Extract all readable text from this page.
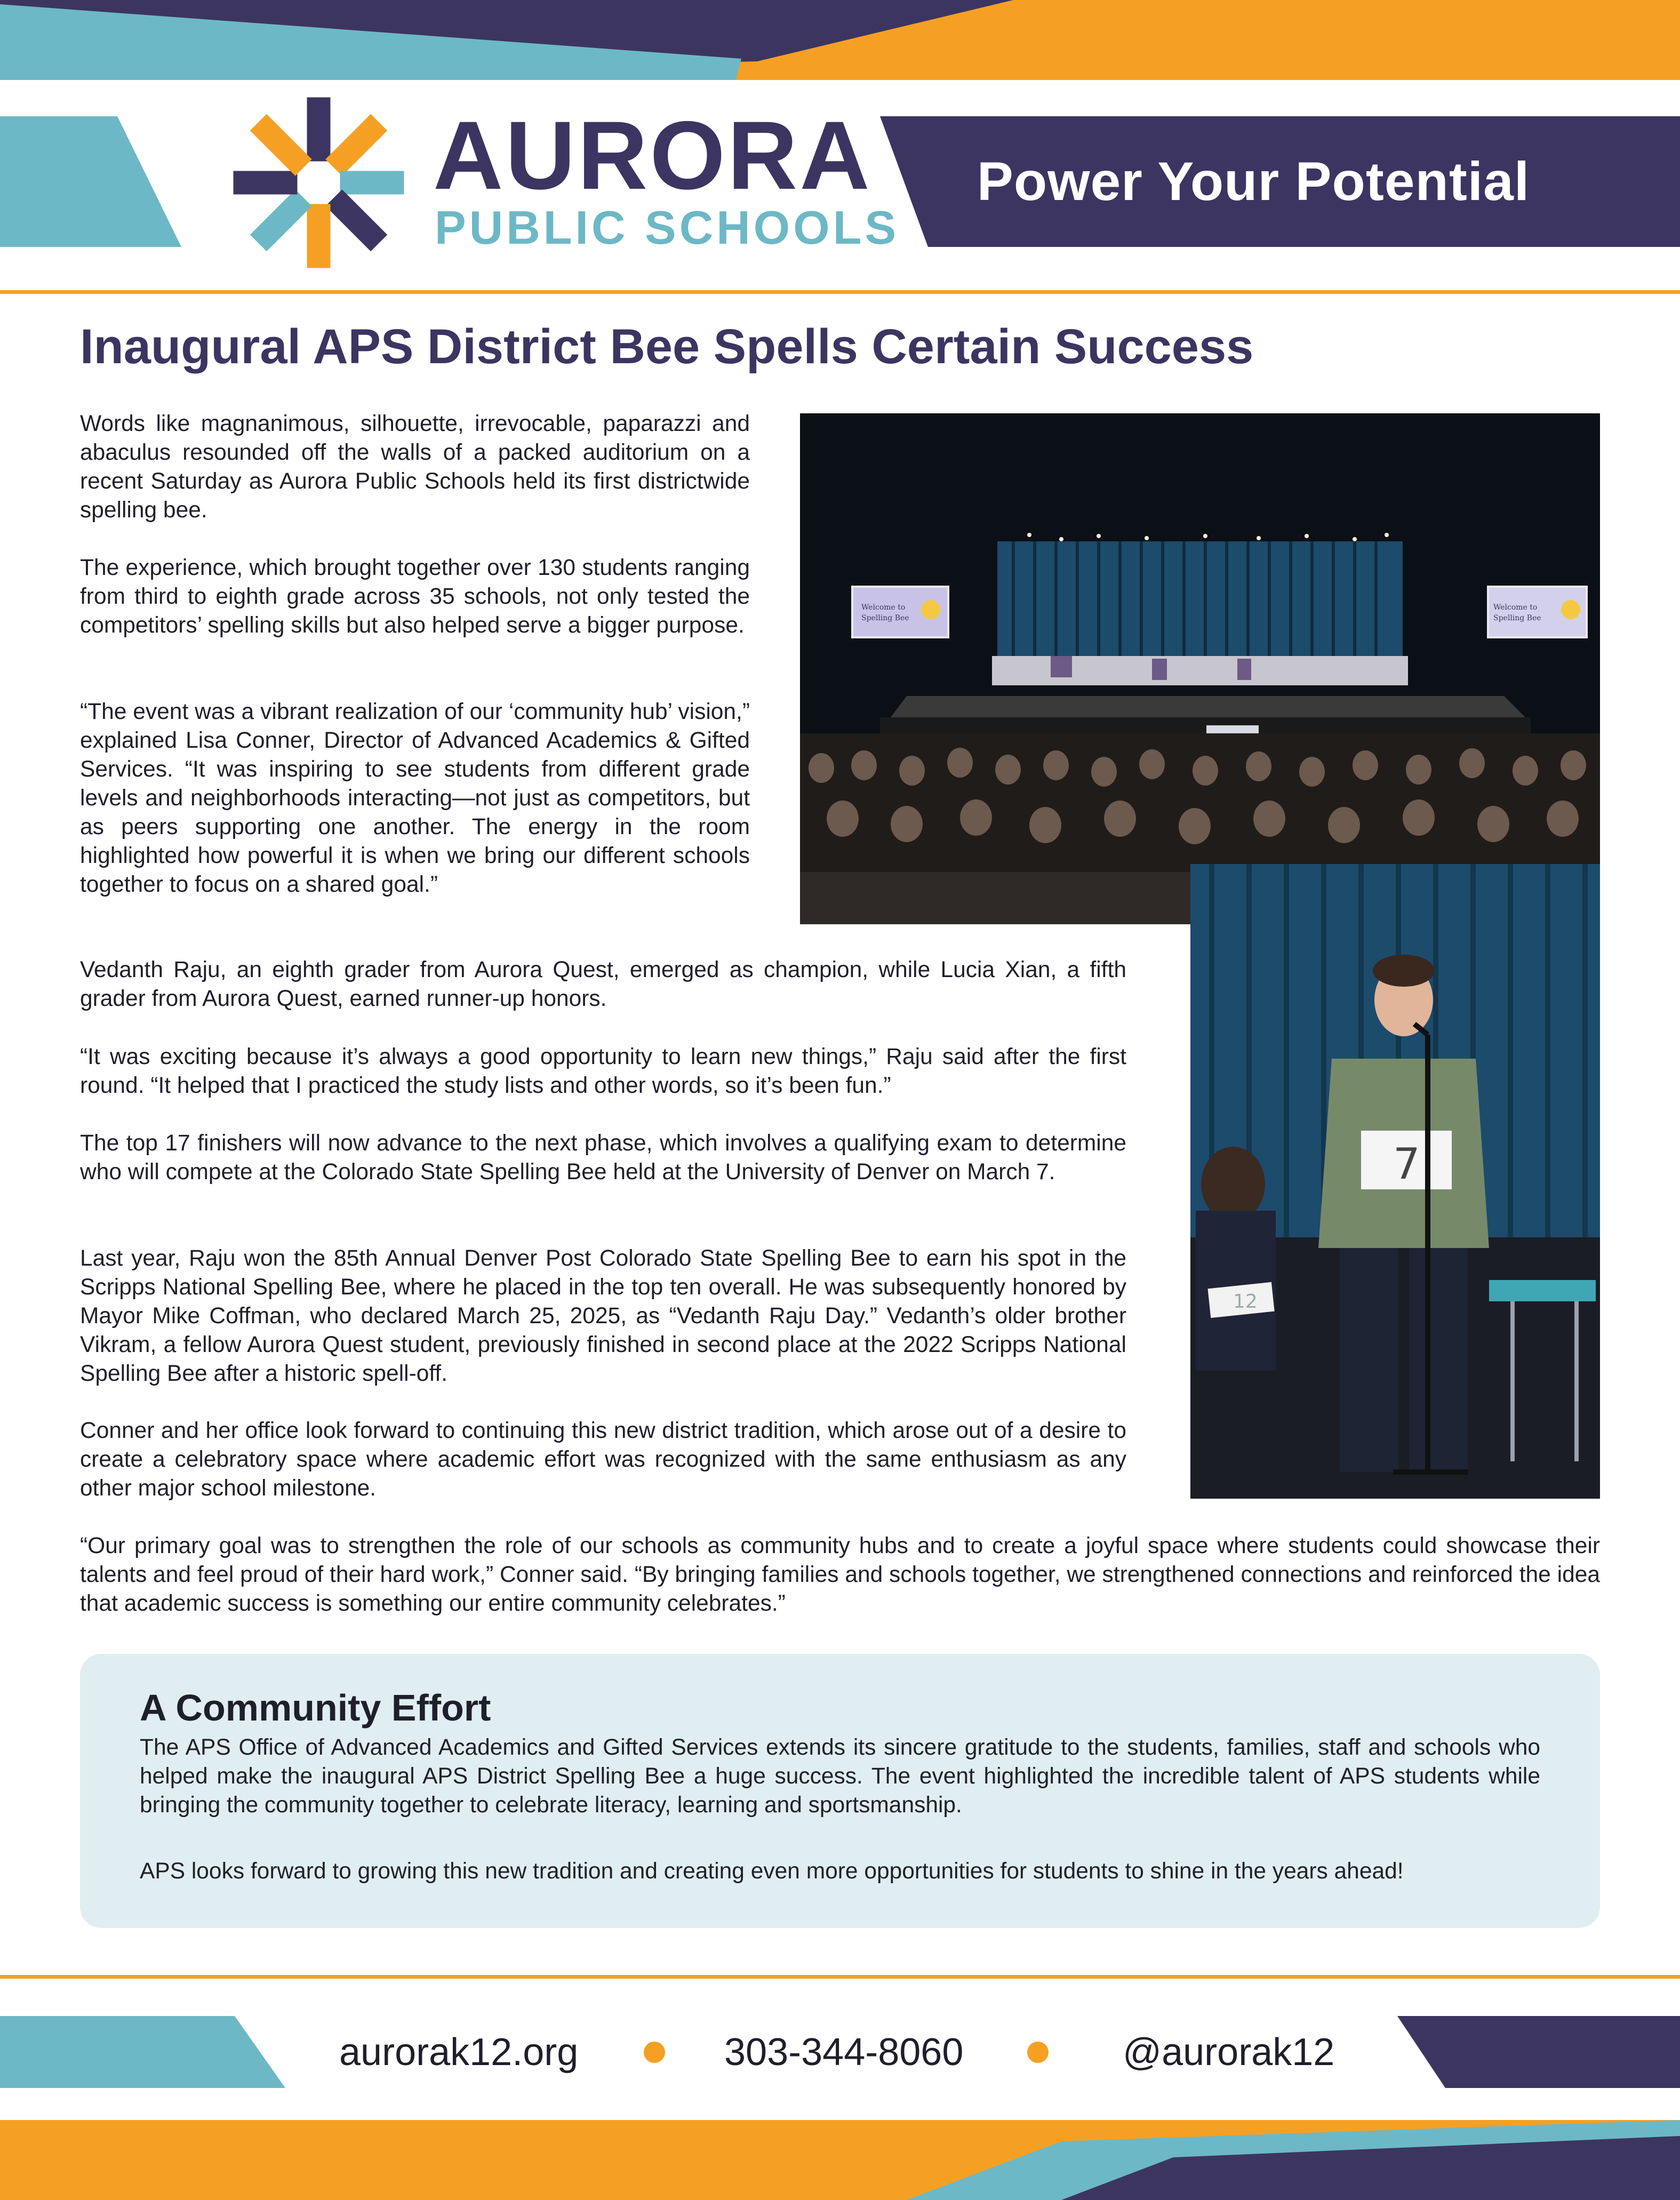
AURORA
PUBLIC SCHOOLS
Power Your Potential
Inaugural APS District Bee Spells Certain Success

Words like magnanimous, silhouette, irrevocable, paparazzi and abaculus resounded off the walls of a packed auditorium on a recent Saturday as Aurora Public Schools held its first districtwide spelling bee.

The experience, which brought together over 130 students ranging from third to eighth grade across 35 schools, not only tested the competitors’ spelling skills but also helped serve a bigger purpose.

“The event was a vibrant realization of our ‘community hub’ vision,” explained Lisa Conner, Director of Advanced Academics & Gifted Services. “It was inspiring to see students from different grade levels and neighborhoods interacting—not just as competitors, but as peers supporting one another. The energy in the room highlighted how powerful it is when we bring our different schools together to focus on a shared goal.”

Welcome to
Spelling Bee
Welcome to
Spelling Bee
12
7

Vedanth Raju, an eighth grader from Aurora Quest, emerged as champion, while Lucia Xian, a fifth grader from Aurora Quest, earned runner-up honors.

“It was exciting because it’s always a good opportunity to learn new things,” Raju said after the first round. “It helped that I practiced the study lists and other words, so it’s been fun.”

The top 17 finishers will now advance to the next phase, which involves a qualifying exam to determine who will compete at the Colorado State Spelling Bee held at the University of Denver on March 7.

Last year, Raju won the 85th Annual Denver Post Colorado State Spelling Bee to earn his spot in the Scripps National Spelling Bee, where he placed in the top ten overall. He was subsequently honored by Mayor Mike Coffman, who declared March 25, 2025, as “Vedanth Raju Day.” Vedanth’s older brother Vikram, a fellow Aurora Quest student, previously finished in second place at the 2022 Scripps National Spelling Bee after a historic spell-off.

Conner and her office look forward to continuing this new district tradition, which arose out of a desire to create a celebratory space where academic effort was recognized with the same enthusiasm as any other major school milestone.

“Our primary goal was to strengthen the role of our schools as community hubs and to create a joyful space where students could showcase their talents and feel proud of their hard work,” Conner said. “By bringing families and schools together, we strengthened connections and reinforced the idea that academic success is something our entire community celebrates.”

A Community Effort

The APS Office of Advanced Academics and Gifted Services extends its sincere gratitude to the students, families, staff and schools who helped make the inaugural APS District Spelling Bee a huge success. The event highlighted the incredible talent of APS students while bringing the community together to celebrate literacy, learning and sportsmanship.

APS looks forward to growing this new tradition and creating even more opportunities for students to shine in the years ahead!

aurorak12.org	303-344-8060	@aurorak12
